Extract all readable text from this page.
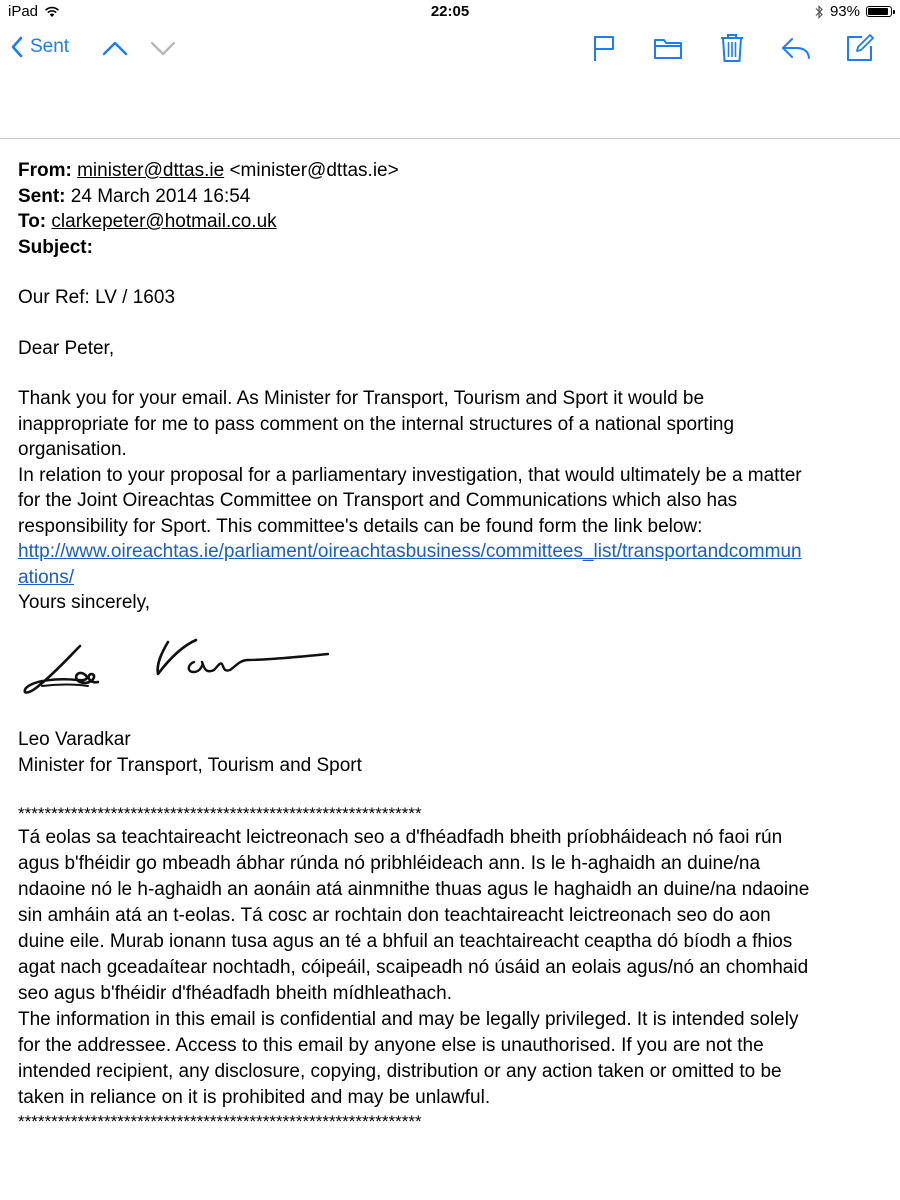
iPad	22:05	93%
Sent
From: minister@dttas.ie <minister@dttas.ie>
Sent: 24 March 2014 16:54
To: clarkepeter@hotmail.co.uk
Subject:
Our Ref: LV / 1603
Dear Peter,
Thank you for your email. As Minister for Transport, Tourism and Sport it would be
inappropriate for me to pass comment on the internal structures of a national sporting
organisation.
In relation to your proposal for a parliamentary investigation, that would ultimately be a matter
for the Joint Oireachtas Committee on Transport and Communications which also has
responsibility for Sport. This committee's details can be found form the link below:
http://www.oireachtas.ie/parliament/oireachtasbusiness/committees_list/transportandcommun
ations/
Yours sincerely,
Leo Varadkar
Minister for Transport, Tourism and Sport
*************************************************************
Tá eolas sa teachtaireacht leictreonach seo a d'fhéadfadh bheith príobháideach nó faoi rún
agus b'fhéidir go mbeadh ábhar rúnda nó pribhléideach ann. Is le h-aghaidh an duine/na
ndaoine nó le h-aghaidh an aonáin atá ainmnithe thuas agus le haghaidh an duine/na ndaoine
sin amháin atá an t-eolas. Tá cosc ar rochtain don teachtaireacht leictreonach seo do aon
duine eile. Murab ionann tusa agus an té a bhfuil an teachtaireacht ceaptha dó bíodh a fhios
agat nach gceadaítear nochtadh, cóipeáil, scaipeadh nó úsáid an eolais agus/nó an chomhaid
seo agus b'fhéidir d'fhéadfadh bheith mídhleathach.
The information in this email is confidential and may be legally privileged. It is intended solely
for the addressee. Access to this email by anyone else is unauthorised. If you are not the
intended recipient, any disclosure, copying, distribution or any action taken or omitted to be
taken in reliance on it is prohibited and may be unlawful.
*************************************************************
